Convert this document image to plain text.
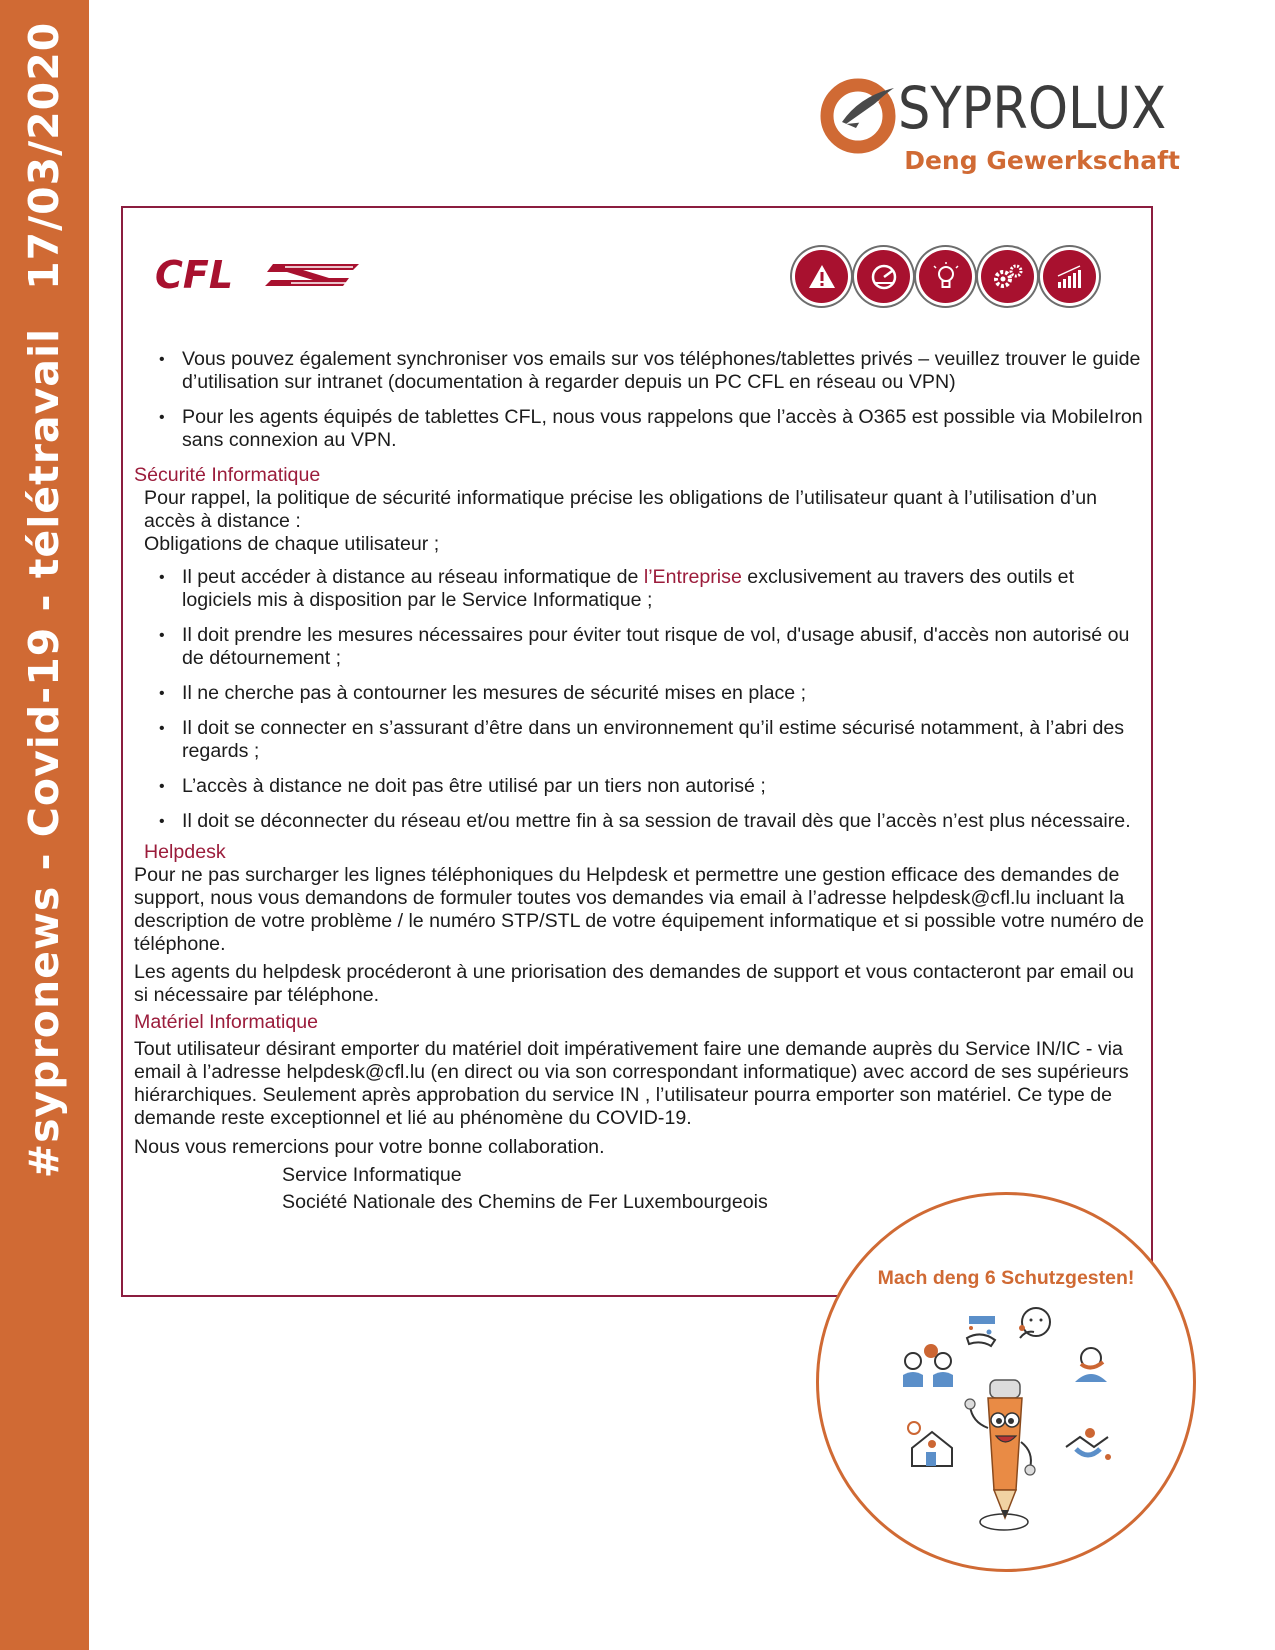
#sypronews - Covid-19 - télétravail17/03/2020	SYPROLUX
Deng Gewerkschaft
CFL
• Vous pouvez également synchroniser vos emails sur vos téléphones/tablettes privés – veuillez trouver le guide d’utilisation sur intranet (documentation à regarder depuis un PC CFL en réseau ou VPN)
• Pour les agents équipés de tablettes CFL, nous vous rappelons que l’accès à O365 est possible via MobileIron sans connexion au VPN.

Sécurité Informatique

Pour rappel, la politique de sécurité informatique précise les obligations de l’utilisateur quant à l’utilisation d’un accès à distance :

Obligations de chaque utilisateur ;

• Il peut accéder à distance au réseau informatique de l’Entreprise exclusivement au travers des outils et logiciels mis à disposition par le Service Informatique ;
• Il doit prendre les mesures nécessaires pour éviter tout risque de vol, d'usage abusif, d'accès non autorisé ou de détournement ;
• Il ne cherche pas à contourner les mesures de sécurité mises en place ;
• Il doit se connecter en s’assurant d’être dans un environnement qu’il estime sécurisé notamment, à l’abri des regards ;
• L’accès à distance ne doit pas être utilisé par un tiers non autorisé ;
• Il doit se déconnecter du réseau et/ou mettre fin à sa session de travail dès que l’accès n’est plus nécessaire.

Helpdesk

Pour ne pas surcharger les lignes téléphoniques du Helpdesk et permettre une gestion efficace des demandes de support, nous vous demandons de formuler toutes vos demandes via email à l’adresse helpdesk@cfl.lu incluant la description de votre problème / le numéro STP/STL de votre équipement informatique et si possible votre numéro de téléphone.

Les agents du helpdesk procéderont à une priorisation des demandes de support et vous contacteront par email ou si nécessaire par téléphone.

Matériel Informatique

Tout utilisateur désirant emporter du matériel doit impérativement faire une demande auprès du Service IN/IC - via email à l’adresse helpdesk@cfl.lu (en direct ou via son correspondant informatique) avec accord de ses supérieurs hiérarchiques. Seulement après approbation du service IN , l’utilisateur pourra emporter son matériel. Ce type de demande reste exceptionnel et lié au phénomène du COVID-19.

Nous vous remercions pour votre bonne collaboration.

Service Informatique

Société Nationale des Chemins de Fer Luxembourgeois

Mach deng 6 Schutzgesten!
